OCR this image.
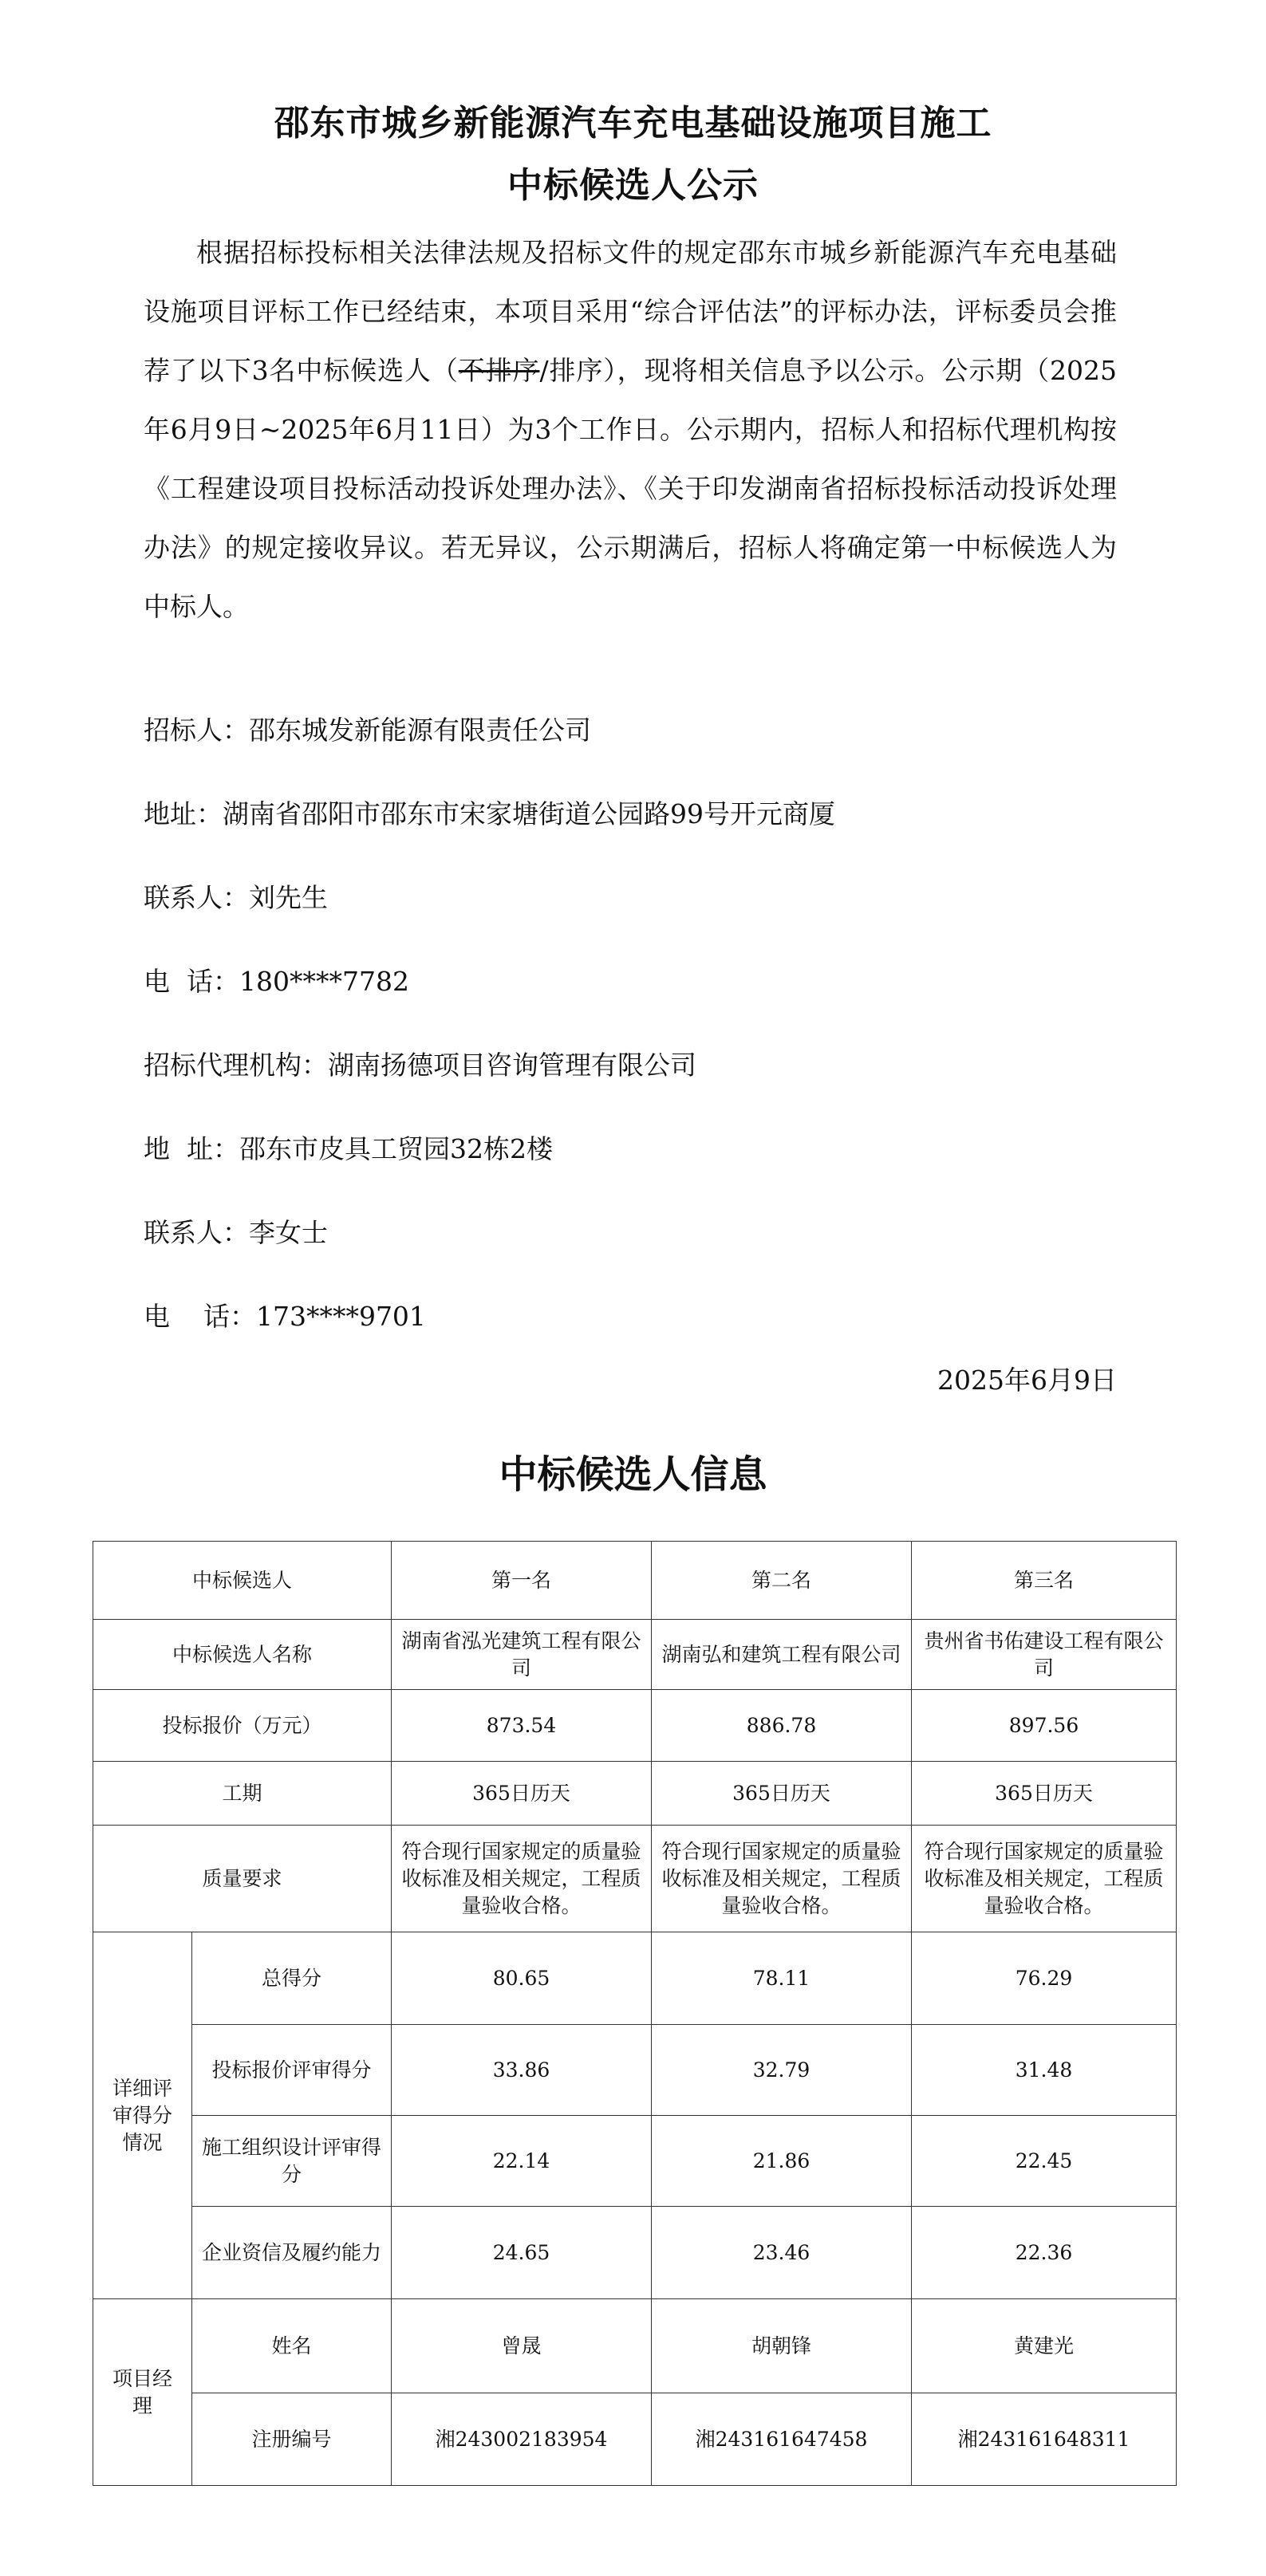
邵东市城乡新能源汽车充电基础设施项目施工
中标候选人公示

根据招标投标相关法律法规及招标文件的规定邵东市城乡新能源汽车充电基础设施项目评标工作已经结束，本项目采用“综合评估法”的评标办法，评标委员会推荐了以下3名中标候选人（不排序/排序），现将相关信息予以公示。公示期（2025年6月9日~2025年6月11日）为3个工作日。公示期内，招标人和招标代理机构按《工程建设项目投标活动投诉处理办法》、《关于印发湖南省招标投标活动投诉处理办法》的规定接收异议。若无异议，公示期满后，招标人将确定第一中标候选人为中标人。

招标人：邵东城发新能源有限责任公司
地址：湖南省邵阳市邵东市宋家塘街道公园路99号开元商厦
联系人：刘先生
电  话：180****7782
招标代理机构：湖南扬德项目咨询管理有限公司
地  址：邵东市皮具工贸园32栋2楼
联系人：李女士
电    话：173****9701
2025年6月9日
中标候选人信息
中标候选人		第一名	第二名	第三名
中标候选人名称		湖南省泓光建筑工程有限公司	湖南弘和建筑工程有限公司	贵州省书佑建设工程有限公司
投标报价（万元）		873.54	886.78	897.56
工期		365日历天	365日历天	365日历天
质量要求		符合现行国家规定的质量验收标准及相关规定，工程质量验收合格。	符合现行国家规定的质量验收标准及相关规定，工程质量验收合格。	符合现行国家规定的质量验收标准及相关规定，工程质量验收合格。
详细评审得分情况	总得分	80.65	78.11	76.29
	投标报价评审得分	33.86	32.79	31.48
	施工组织设计评审得分	22.14	21.86	22.45
	企业资信及履约能力	24.65	23.46	22.36
项目经理	姓名	曾晟	胡朝锋	黄建光
	注册编号	湘243002183954	湘243161647458	湘243161648311
